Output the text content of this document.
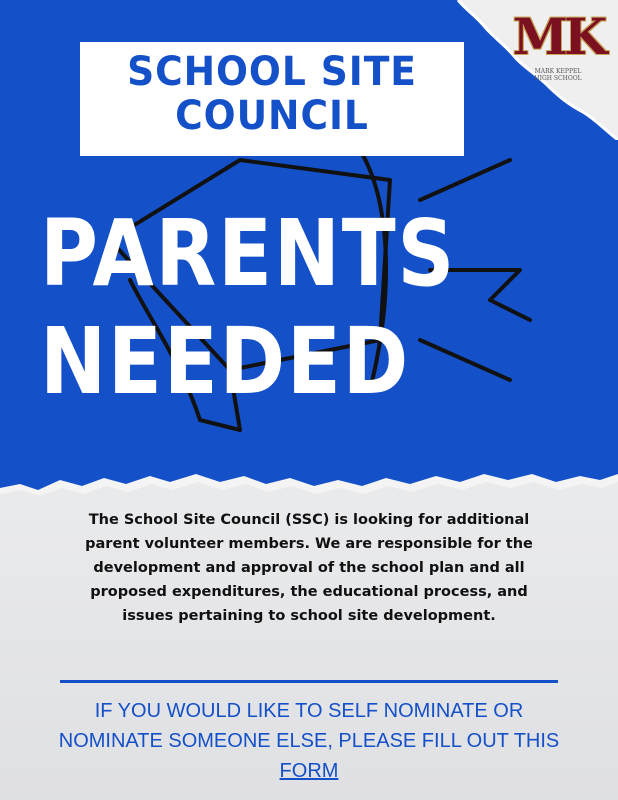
MK
MARK KEPPEL
HIGH SCHOOL
SCHOOL SITE
COUNCIL
PARENTS
NEEDED
The School Site Council (SSC) is looking for additional
parent volunteer members. We are responsible for the
development and approval of the school plan and all
proposed expenditures, the educational process, and
issues pertaining to school site development.
IF YOU WOULD LIKE TO SELF NOMINATE OR
NOMINATE SOMEONE ELSE, PLEASE FILL OUT THIS
FORM
